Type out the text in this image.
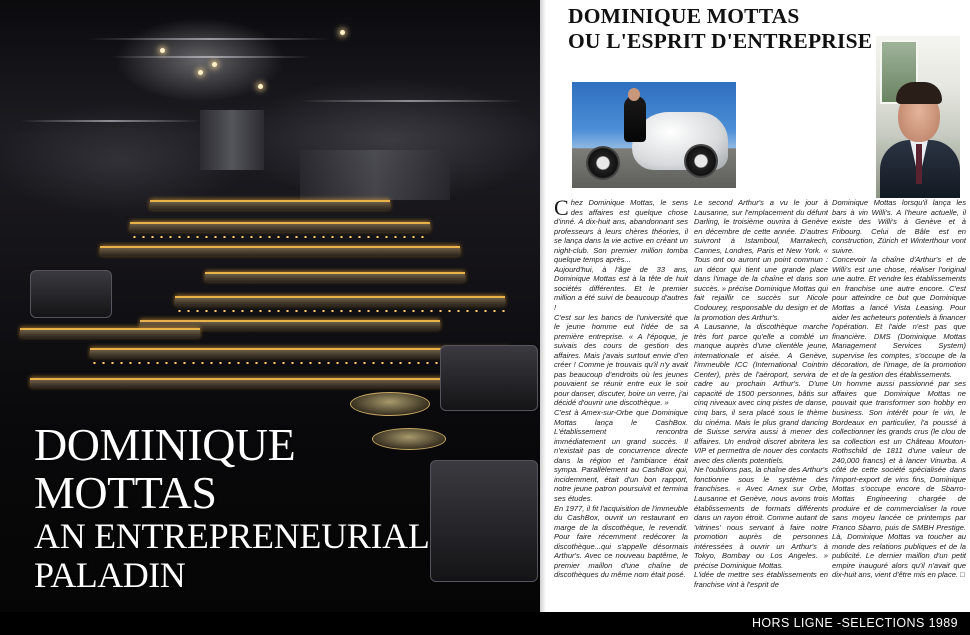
DOMINIQUE
MOTTAS
AN ENTREPRENEURIAL
PALADIN
DOMINIQUE MOTTAS
OU L'ESPRIT D'ENTREPRISE

Chez Dominique Mottas, le sens des affaires est quelque chose d'inné. A dix-huit ans, abandonnant ses professeurs à leurs chères théories, il se lança dans la vie active en créant un night-club. Son premier million tomba quelque temps après...

Aujourd'hui, à l'âge de 33 ans, Dominique Mottas est à la tête de huit sociétés différentes. Et le premier million a été suivi de beaucoup d'autres !

C'est sur les bancs de l'université que le jeune homme eut l'idée de sa première entreprise. « A l'époque, je suivais des cours de gestion des affaires. Mais j'avais surtout envie d'en créer ! Comme je trouvais qu'il n'y avait pas beaucoup d'endroits où les jeunes pouvaient se réunir entre eux le soir pour danser, discuter, boire un verre, j'ai décidé d'ouvrir une discothèque. »

C'est à Amex-sur-Orbe que Dominique Mottas lança le CashBox. L'établissement rencontra immédiatement un grand succès. Il n'existait pas de concurrence directe dans la région et l'ambiance était sympa. Parallèlement au CashBox qui, incidemment, était d'un bon rapport, notre jeune patron poursuivit et termina ses études.

En 1977, il fit l'acquisition de l'immeuble du CashBox, ouvrit un restaurant en marge de la discothèque, le revendit. Pour faire récemment redécorer la discothèque...qui s'appelle désormais Arthur's. Avec ce nouveau baptême, le premier maillon d'une chaîne de discothèques du même nom était posé.

Le second Arthur's a vu le jour à Lausanne, sur l'emplacement du défunt Darling, le troisième ouvrira à Genève en décembre de cette année. D'autres suivront à Istamboul, Marrakech, Cannes, Londres, Paris et New York. « Tous ont ou auront un point commun : un décor qui tient une grande place dans l'image de la chaîne et dans son succès. » précise Dominique Mottas qui fait rejaillir ce succès sur Nicole Codourey, responsable du design et de la promotion des Arthur's.

A Lausanne, la discothèque marche très fort parce qu'elle a comblé un manque auprès d'une clientèle jeune, internationale et aisée. A Genève, l'immeuble ICC (International Cointrin Center), près de l'aéroport, servira de cadre au prochain Arthur's. D'une capacité de 1500 personnes, bâtis sur cinq niveaux avec cinq pistes de danse, cinq bars, il sera placé sous le thème du cinéma. Mais le plus grand dancing de Suisse servira aussi à mener des affaires. Un endroit discret abritera les VIP et permettra de nouer des contacts avec des clients potentiels.

Ne l'oublions pas, la chaîne des Arthur's fonctionne sous le système des franchises. « Avec Amex sur Orbe, Lausanne et Genève, nous avons trois établissements de formats différents dans un rayon étroit. Comme autant de 'vitrines' nous servant à faire notre promotion auprès de personnes intéressées à ouvrir un Arthur's à Tokyo, Bombay ou Los Angeles. » précise Dominique Mottas.

L'idée de mettre ses établissements en franchise vint à l'esprit de

Dominique Mottas lorsqu'il lança les bars à vin Willi's. A l'heure actuelle, il existe des Willi's à Genève et à Fribourg. Celui de Bâle est en construction, Zürich et Winterthour vont suivre.

Concevoir la chaîne d'Arthur's et de Willi's est une chose, réaliser l'original une autre. Et vendre les établissements en franchise une autre encore. C'est pour atteindre ce but que Dominique Mottas a lancé Vista Leasing. Pour aider les acheteurs potentiels à financer l'opération. Et l'aide n'est pas que financière. DMS (Dominique Mottas Management Services System) supervise les comptes, s'occupe de la décoration, de l'image, de la promotion et de la gestion des établissements.

Un homme aussi passionné par ses affaires que Dominique Mottas ne pouvait que transformer son hobby en business. Son intérêt pour le vin, le Bordeaux en particulier, l'a poussé à collectionner les grands crus (le clou de sa collection est un Château Mouton-Rothschild de 1811 d'une valeur de 240,000 francs) et à lancer Vinurba. A côté de cette société spécialisée dans l'import-export de vins fins, Dominique Mottas s'occupe encore de Sbarro-Mottas Engineering chargée de produire et de commercialiser la roue sans moyeu lancée ce printemps par Franco Sbarro, puis de SMBH Prestige. Là, Dominique Mottas va toucher au monde des relations publiques et de la publicité. Le dernier maillon d'un petit empire inauguré alors qu'il n'avait que dix-huit ans, vient d'être mis en place. □

HORS LIGNE -SELECTIONS 1989
